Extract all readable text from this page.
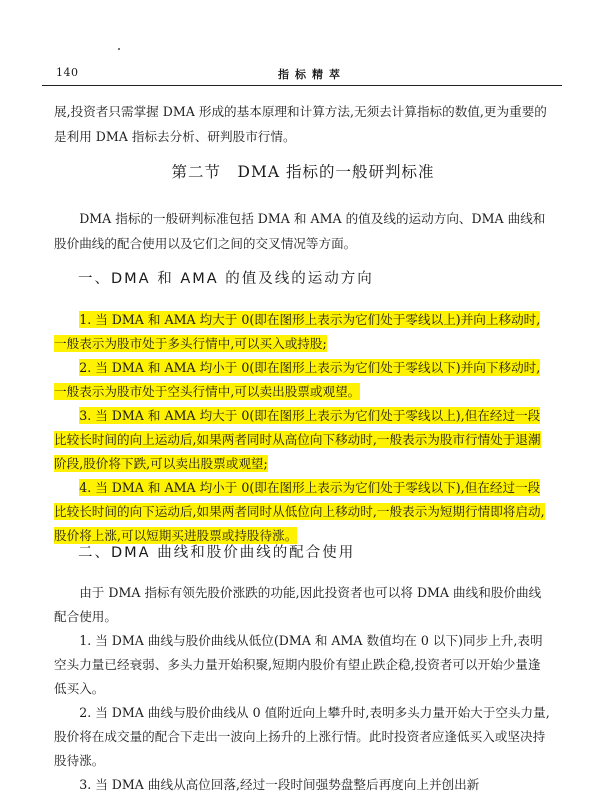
140	指标精萃
展,投资者只需掌握 DMA 形成的基本原理和计算方法,无须去计算指标的数值,更为重要的是利用 DMA 指标去分析、研判股市行情。
第二节　DMA 指标的一般研判标准
DMA 指标的一般研判标准包括 DMA 和 AMA 的值及线的运动方向、DMA 曲线和股价曲线的配合使用以及它们之间的交叉情况等方面。
一、DMA 和 AMA 的值及线的运动方向

1. 当 DMA 和 AMA 均大于 0(即在图形上表示为它们处于零线以上)并向上移动时,一般表示为股市处于多头行情中,可以买入或持股;

2. 当 DMA 和 AMA 均小于 0(即在图形上表示为它们处于零线以下)并向下移动时,一般表示为股市处于空头行情中,可以卖出股票或观望。

3. 当 DMA 和 AMA 均大于 0(即在图形上表示为它们处于零线以上),但在经过一段比较长时间的向上运动后,如果两者同时从高位向下移动时,一般表示为股市行情处于退潮阶段,股价将下跌,可以卖出股票或观望;

4. 当 DMA 和 AMA 均小于 0(即在图形上表示为它们处于零线以下),但在经过一段比较长时间的向下运动后,如果两者同时从低位向上移动时,一般表示为短期行情即将启动,股价将上涨,可以短期买进股票或持股待涨。

二、DMA 曲线和股价曲线的配合使用

由于 DMA 指标有领先股价涨跌的功能,因此投资者也可以将 DMA 曲线和股价曲线配合使用。

1. 当 DMA 曲线与股价曲线从低位(DMA 和 AMA 数值均在 0 以下)同步上升,表明空头力量已经衰弱、多头力量开始积聚,短期内股价有望止跌企稳,投资者可以开始少量逢低买入。

2. 当 DMA 曲线与股价曲线从 0 值附近向上攀升时,表明多头力量开始大于空头力量,股价将在成交量的配合下走出一波向上扬升的上涨行情。此时投资者应逢低买入或坚决持股待涨。

3. 当 DMA 曲线从高位回落,经过一段时间强势盘整后再度向上并创出新
